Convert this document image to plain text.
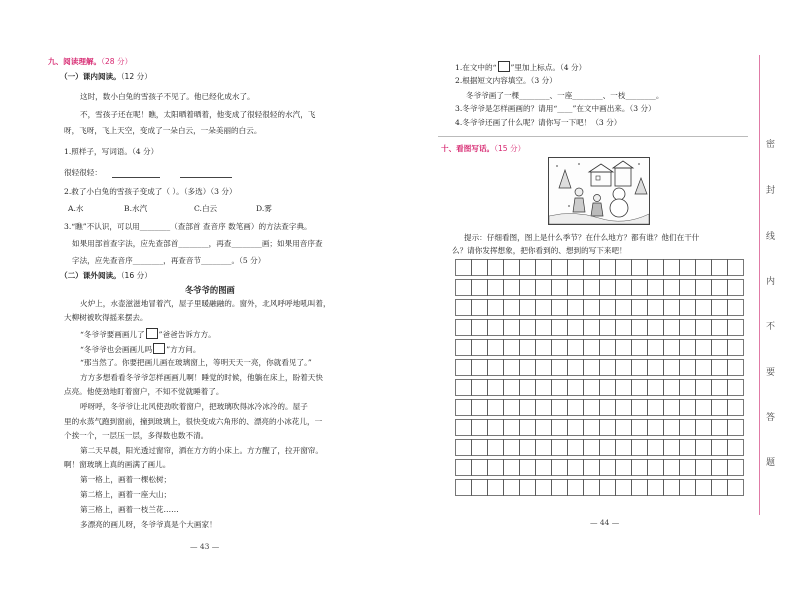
九、阅读理解。（28 分）
（一）课内阅读。（12 分）
这时，数小白兔的雪孩子不见了。他已经化成水了。
不，雪孩子还在呢！瞧，太阳晒着晒着，他变成了很轻很轻的水汽，飞
呀，飞呀，飞上天空，变成了一朵白云，一朵美丽的白云。
1.照样子，写词语。（4 分）
很轻很轻：
2.救了小白兔的雪孩子变成了（ ）。（多选）（3 分）
A.水	B.水汽	C.白云	D.雾
3.“瞧”不认识，可以用________（查部首 查音序 数笔画）的方法查字典。
如果用部首查字法，应先查部首________，再查________画；如果用音序查
字法，应先查音序________，再查音节________。（5 分）
（二）课外阅读。（16 分）
冬爷爷的图画
火炉上，水壶滋滋地冒着汽，屋子里暖融融的。窗外，北风呼呼地吼叫着，
大柳树被吹得摇来摆去。
“冬爷爷要画画儿了 ”爸爸告诉方方。
“冬爷爷也会画画儿吗 ”方方问。
“那当然了。你要把画儿画在玻璃窗上，等明天天一亮，你就看见了。”
方方多想看看冬爷爷怎样画画儿啊！睡觉的时候，他躺在床上，盼着天快
点亮。他使劲地盯着窗户，不知不觉就睡着了。
呼呀呼，冬爷爷让北风使劲吹着窗户，把玻璃吹得冰冷冰冷的。屋子
里的水蒸气跑到窗前，撞到玻璃上，很快变成六角形的、漂亮的小冰花儿，一
个挨一个，一层压一层，多得数也数不清。
第二天早晨，阳光透过窗帘，洒在方方的小床上。方方醒了，拉开窗帘。
啊！窗玻璃上真的画满了画儿。
第一格上，画着一棵松树；
第二格上，画着一座大山；
第三格上，画着一枝兰花……
多漂亮的画儿呀，冬爷爷真是个大画家！
— 43 —
1.在文中的“ ”里加上标点。（4 分）
2.根据短文内容填空。（3 分）
冬爷爷画了一棵________、一座________、一枝________。
3.冬爷爷是怎样画画的？请用“____”在文中画出来。（3 分）
4.冬爷爷还画了什么呢？请你写一下吧！（3 分）
十、看图写话。（15 分）
提示：仔细看图，图上是什么季节？在什么地方？都有谁？他们在干什
么？请你发挥想象，把你看到的、想到的写下来吧！
— 44 —
密
封
线
内
不
要
答
题
